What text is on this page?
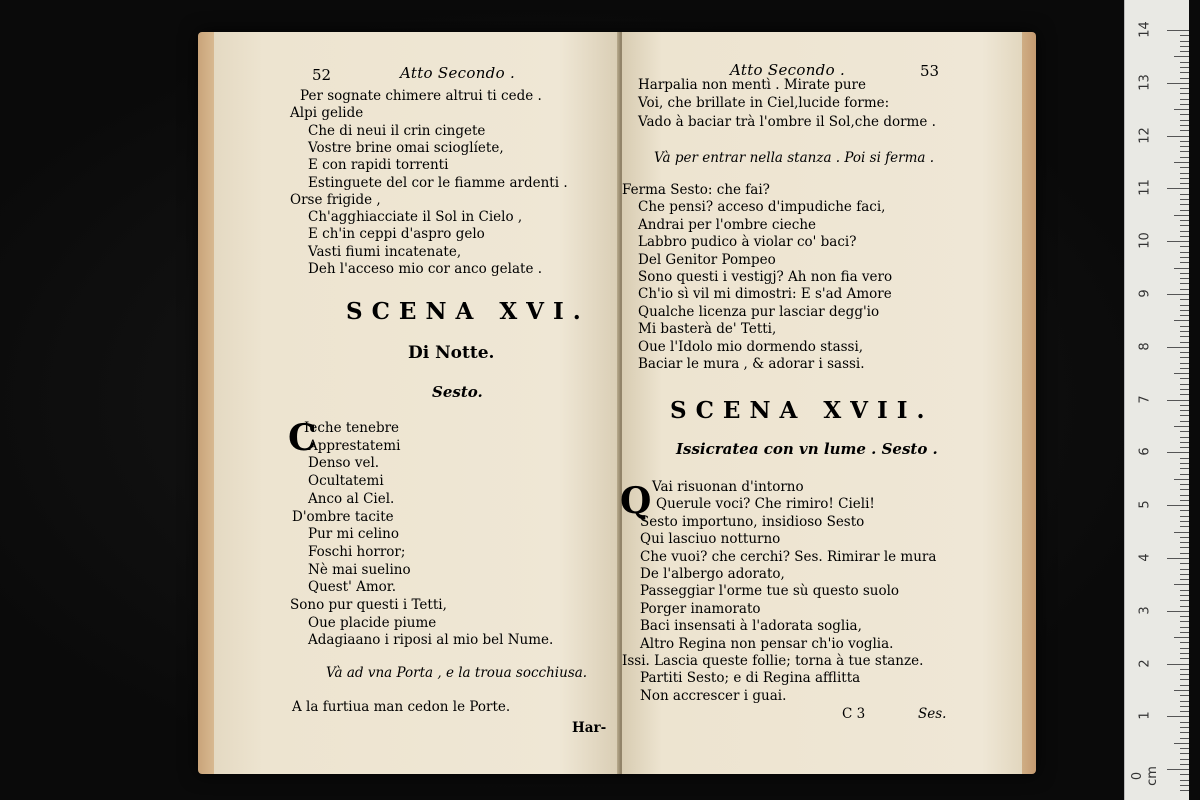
52	Atto Secondo .
Per sognate chimere altrui ti cede .
Alpi gelide
Che di neui il crin cingete
Vostre brine omai scioglíete,
E con rapidi torrenti
Estinguete del cor le fiamme ardenti .
Orse frigide ,
Ch'agghiacciate il Sol in Cielo ,
E ch'in ceppi d'aspro gelo
Vasti fiumi incatenate,
Deh l'acceso mio cor anco gelate .
SCENA XVI.
Di Notte.
Sesto.
C
Ieche tenebre
Apprestatemi
Denso vel.
Ocultatemi
Anco al Ciel.
D'ombre tacite
Pur mi celino
Foschi horror;
Nè mai suelino
Quest' Amor.
Sono pur questi i Tetti,
Oue placide piume
Adagiaano i riposi al mio bel Nume.
Và ad vna Porta , e la troua socchiusa.
A la furtiua man cedon le Porte.
Har-
Atto Secondo .	53
Harpalia non mentì . Mirate pure
Voi, che brillate in Ciel,lucide forme:
Vado à baciar trà l'ombre il Sol,che dorme .
Và per entrar nella stanza . Poi si ferma .
Ferma Sesto: che fai?
Che pensi? acceso d'impudiche faci,
Andrai per l'ombre cieche
Labbro pudico à violar co' baci?
Del Genitor Pompeo
Sono questi i vestigj? Ah non fia vero
Ch'io sì vil mi dimostri: E s'ad Amore
Qualche licenza pur lasciar degg'io
Mi basterà de' Tetti,
Oue l'Idolo mio dormendo stassi,
Baciar le mura , & adorar i sassi.
SCENA XVII.
Issicratea con vn lume . Sesto .
Q Vai risuonan d'intorno
Querule voci? Che rimiro! Cieli!
Sesto importuno, insidioso Sesto
Qui lasciuo notturno
Che vuoi? che cerchi? Ses. Rimirar le mura
De l'albergo adorato,
Passeggiar l'orme tue sù questo suolo
Porger inamorato
Baci insensati à l'adorata soglia,
Altro Regina non pensar ch'io voglia.
Issi. Lascia queste follie; torna à tue stanze.
Partiti Sesto; e di Regina afflitta
Non accrescer i guai.
C 3	Ses.
14
13
12
11
10
9
8
7
6
5
4
3
2
1
0 cm
